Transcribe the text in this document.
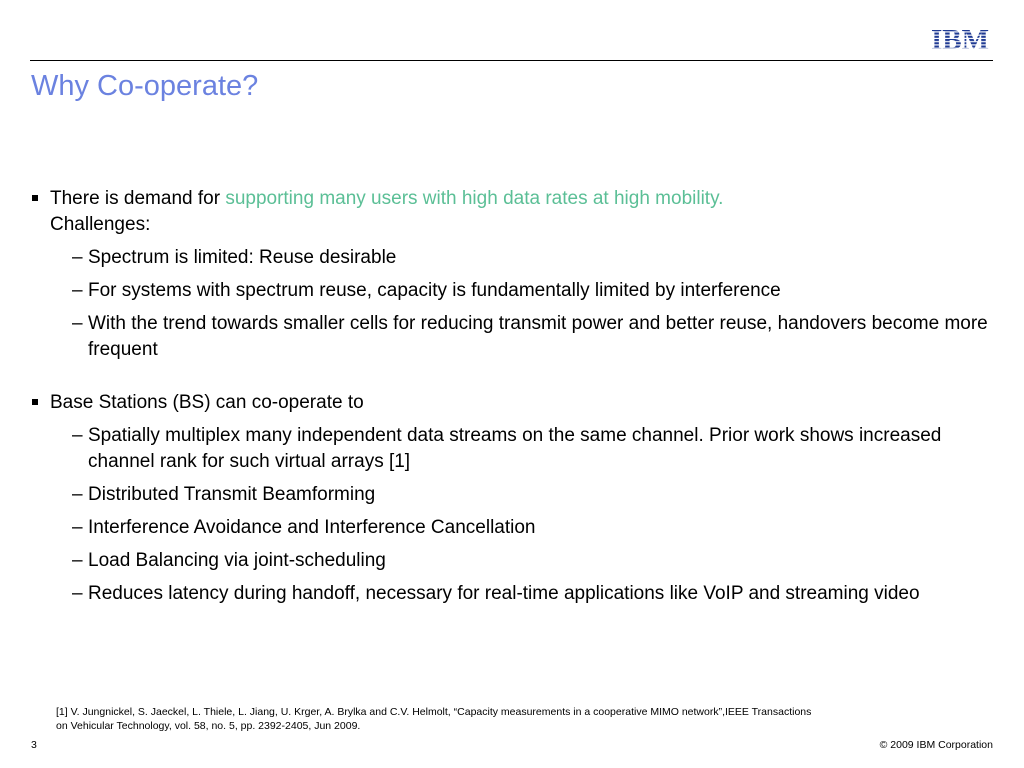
IBM
Why Co-operate?
There is demand for supporting many users with high data rates at high mobility.
Challenges:
– Spectrum is limited: Reuse desirable
– For systems with spectrum reuse, capacity is fundamentally limited by interference
– With the trend towards smaller cells for reducing transmit power and better reuse, handovers become more frequent
Base Stations (BS) can co-operate to
– Spatially multiplex many independent data streams on the same channel. Prior work shows increased channel rank for such virtual arrays [1]
– Distributed Transmit Beamforming
– Interference Avoidance and Interference Cancellation
– Load Balancing via joint-scheduling
– Reduces latency during handoff, necessary for real-time applications like VoIP and streaming video
[1] V. Jungnickel, S. Jaeckel, L. Thiele, L. Jiang, U. Krger, A. Brylka and C.V. Helmolt, “Capacity measurements in a cooperative MIMO network”,IEEE Transactions
on Vehicular Technology, vol. 58, no. 5, pp. 2392-2405, Jun 2009.
3	© 2009 IBM Corporation
